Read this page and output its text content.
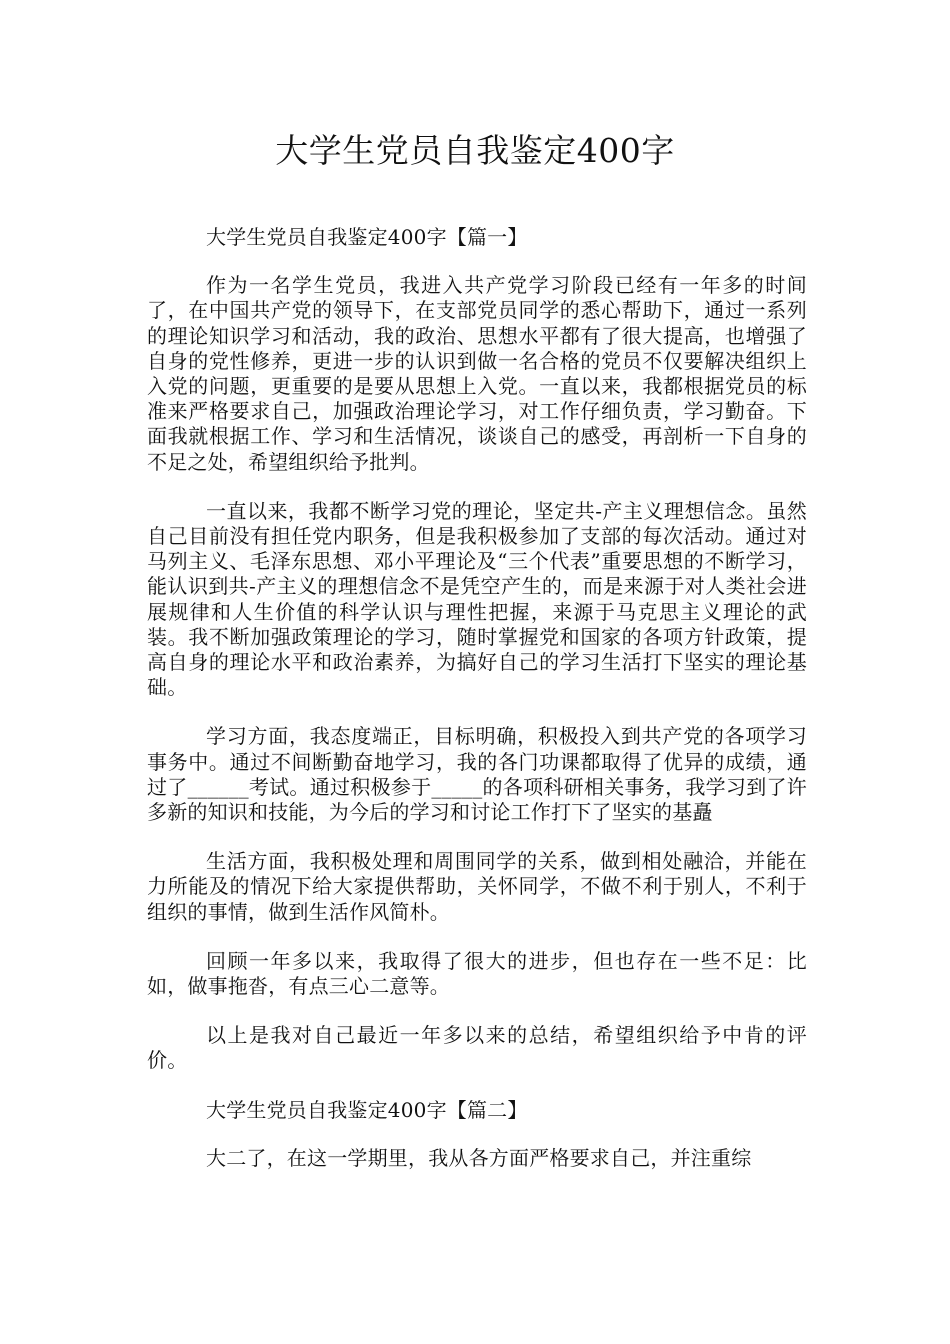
大学生党员自我鉴定400字
大学生党员自我鉴定400字【篇一】

作为一名学生党员，我进入共产党学习阶段已经有一年多的时间了，在中国共产党的领导下，在支部党员同学的悉心帮助下，通过一系列的理论知识学习和活动，我的政治、思想水平都有了很大提高，也增强了自身的党性修养，更进一步的认识到做一名合格的党员不仅要解决组织上入党的问题，更重要的是要从思想上入党。一直以来，我都根据党员的标准来严格要求自己，加强政治理论学习，对工作仔细负责，学习勤奋。下面我就根据工作、学习和生活情况，谈谈自己的感受，再剖析一下自身的不足之处，希望组织给予批判。

一直以来，我都不断学习党的理论，坚定共-产主义理想信念。虽然自己目前没有担任党内职务，但是我积极参加了支部的每次活动。通过对马列主义、毛泽东思想、邓小平理论及“三个代表”重要思想的不断学习，能认识到共-产主义的理想信念不是凭空产生的，而是来源于对人类社会进展规律和人生价值的科学认识与理性把握，来源于马克思主义理论的武装。我不断加强政策理论的学习，随时掌握党和国家的各项方针政策，提高自身的理论水平和政治素养，为搞好自己的学习生活打下坚实的理论基础。

学习方面，我态度端正，目标明确，积极投入到共产党的各项学习事务中。通过不间断勤奋地学习，我的各门功课都取得了优异的成绩，通过了______考试。通过积极参于_____的各项科研相关事务，我学习到了许多新的知识和技能，为今后的学习和讨论工作打下了坚实的基矗

生活方面，我积极处理和周围同学的关系，做到相处融洽，并能在力所能及的情况下给大家提供帮助，关怀同学，不做不利于别人，不利于组织的事情，做到生活作风简朴。

回顾一年多以来，我取得了很大的进步，但也存在一些不足：比如，做事拖沓，有点三心二意等。

以上是我对自己最近一年多以来的总结，希望组织给予中肯的评价。

大学生党员自我鉴定400字【篇二】

大二了，在这一学期里，我从各方面严格要求自己，并注重综
